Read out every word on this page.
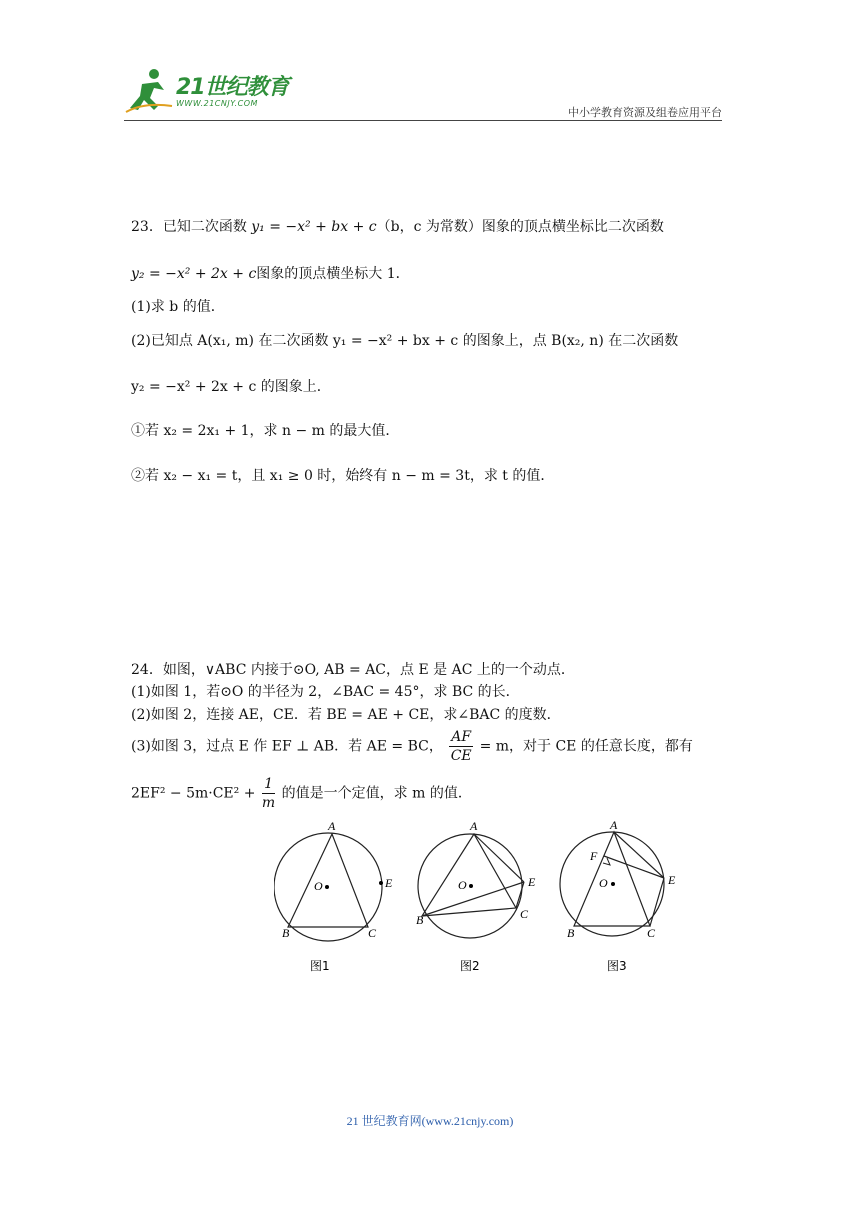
21世纪教育
WWW.21CNJY.COM
中小学教育资源及组卷应用平台
23．已知二次函数 y₁ = −x² + bx + c（b，c 为常数）图象的顶点横坐标比二次函数
y₂ = −x² + 2x + c图象的顶点横坐标大 1．
(1)求 b 的值．
(2)已知点 A(x₁, m) 在二次函数 y₁ = −x² + bx + c 的图象上，点 B(x₂, n) 在二次函数
y₂ = −x² + 2x + c 的图象上．
①若 x₂ = 2x₁ + 1，求 n − m 的最大值．
②若 x₂ − x₁ = t，且 x₁ ≥ 0 时，始终有 n − m = 3t，求 t 的值．
24．如图，∨ABC 内接于⊙O, AB = AC，点 E 是 AC 上的一个动点．
(1)如图 1，若⊙O 的半径为 2，∠BAC = 45°，求 BC 的长．
(2)如图 2，连接 AE，CE．若 BE = AE + CE，求∠BAC 的度数．
(3)如图 3，过点 E 作 EF ⊥ AB．若 AE = BC， $\frac{AF}{CE} = m$，对于 CE 的任意长度，都有
$2EF^2 - 5m\cdot CE^2 + \frac{1}{m}$ 的值是一个定值，求 m 的值．
A
B	C
E
O
图1
A
B	C
E
O
图2
A
F
B	C
E
O
图3
21 世纪教育网(www.21cnjy.com)
